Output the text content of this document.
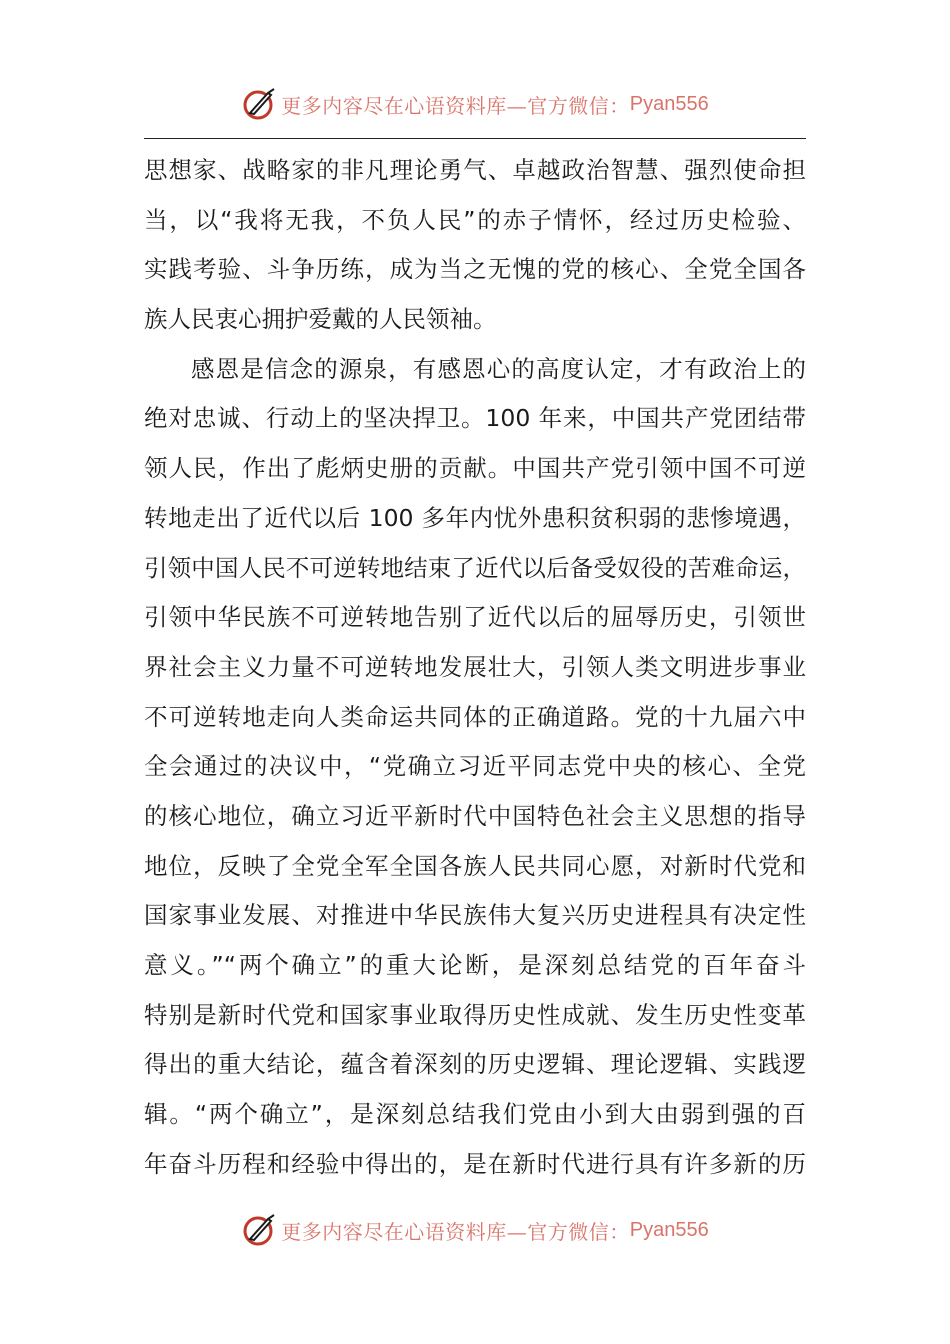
更多内容尽在心语资料库—官方微信： Pyan556
思想家、战略家的非凡理论勇气、卓越政治智慧、强烈使命担
当，以“我将无我，不负人民”的赤子情怀，经过历史检验、
实践考验、斗争历练，成为当之无愧的党的核心、全党全国各
族人民衷心拥护爱戴的人民领袖。
感恩是信念的源泉，有感恩心的高度认定，才有政治上的
绝对忠诚、行动上的坚决捍卫。100 年来，中国共产党团结带
领人民，作出了彪炳史册的贡献。中国共产党引领中国不可逆
转地走出了近代以后 100 多年内忧外患积贫积弱的悲惨境遇，
引领中国人民不可逆转地结束了近代以后备受奴役的苦难命运，
引领中华民族不可逆转地告别了近代以后的屈辱历史，引领世
界社会主义力量不可逆转地发展壮大，引领人类文明进步事业
不可逆转地走向人类命运共同体的正确道路。党的十九届六中
全会通过的决议中，“党确立习近平同志党中央的核心、全党
的核心地位，确立习近平新时代中国特色社会主义思想的指导
地位，反映了全党全军全国各族人民共同心愿，对新时代党和
国家事业发展、对推进中华民族伟大复兴历史进程具有决定性
意义。”“两个确立”的重大论断，是深刻总结党的百年奋斗
特别是新时代党和国家事业取得历史性成就、发生历史性变革
得出的重大结论，蕴含着深刻的历史逻辑、理论逻辑、实践逻
辑。“两个确立”，是深刻总结我们党由小到大由弱到强的百
年奋斗历程和经验中得出的，是在新时代进行具有许多新的历
更多内容尽在心语资料库—官方微信： Pyan556
